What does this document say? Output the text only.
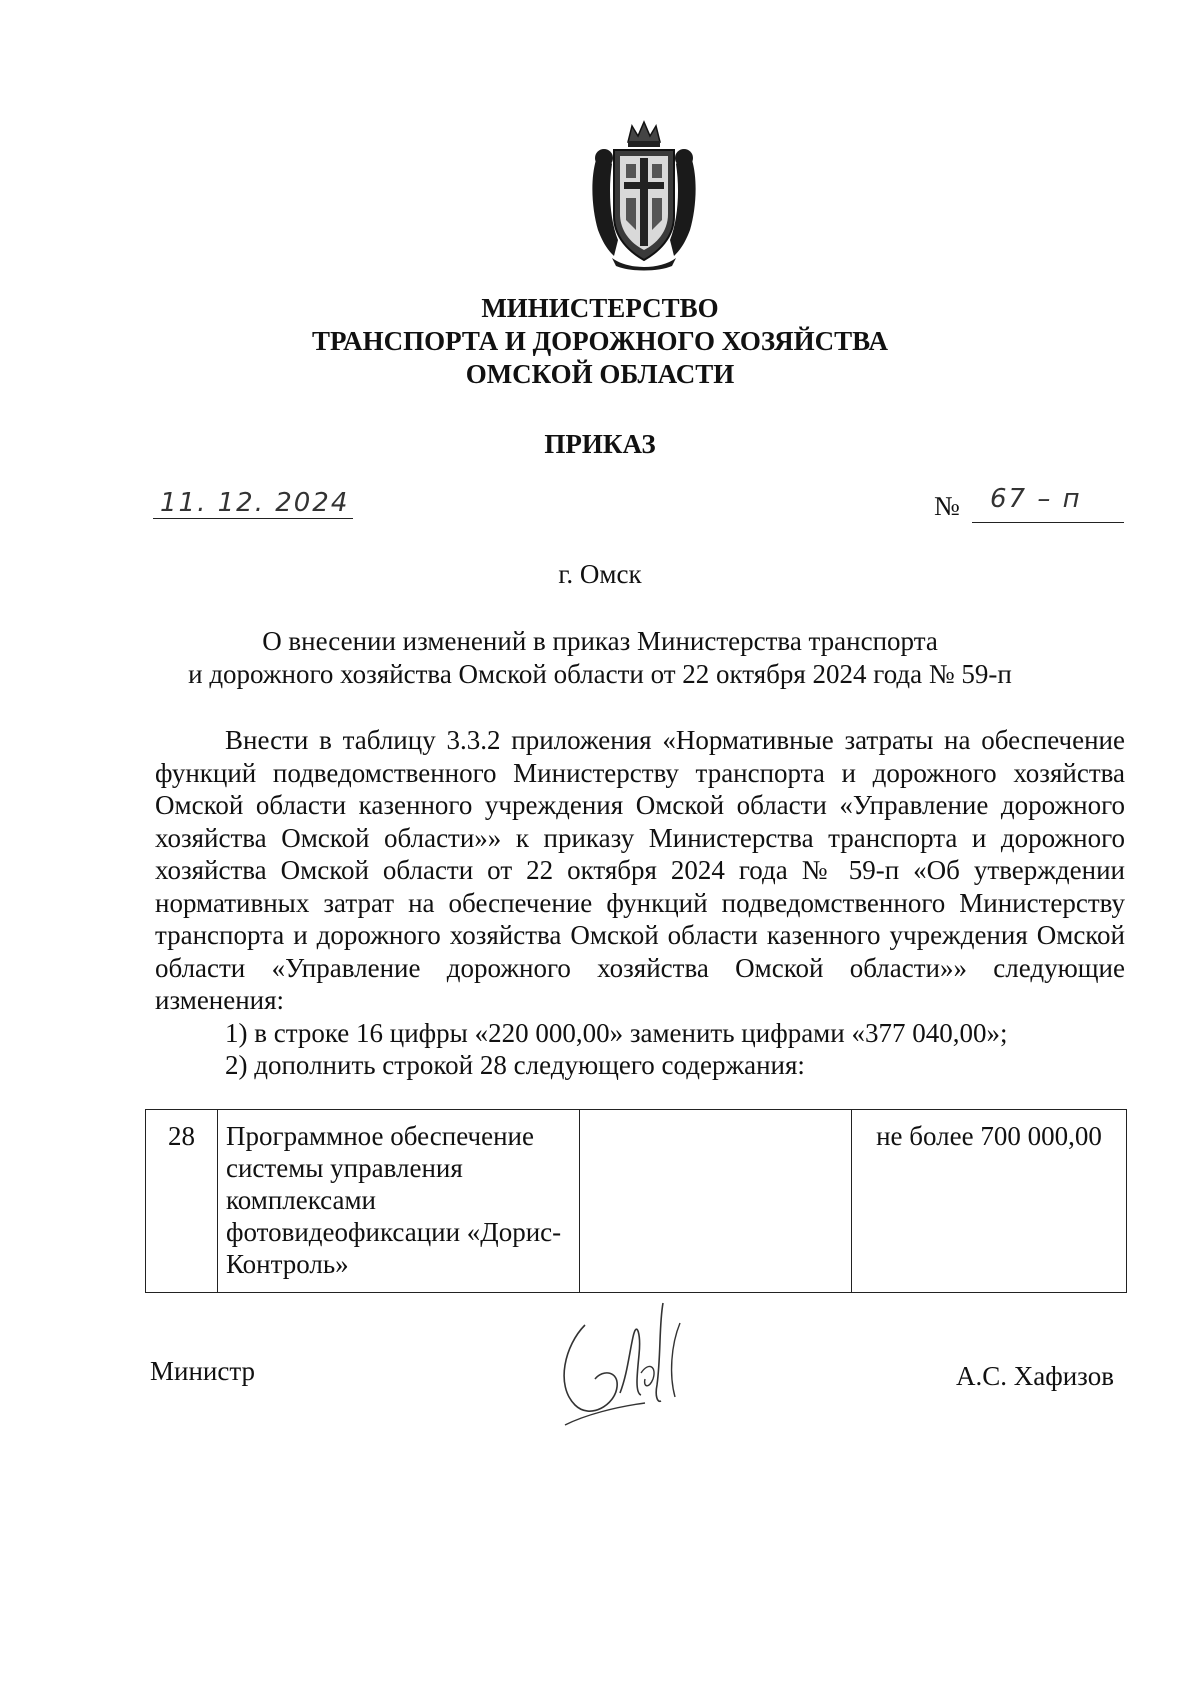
МИНИСТЕРСТВО
ТРАНСПОРТА И ДОРОЖНОГО ХОЗЯЙСТВА
ОМСКОЙ ОБЛАСТИ
ПРИКАЗ
11. 12. 2024	№ 67 – п
г. Омск
О внесении изменений в приказ Министерства транспорта
и дорожного хозяйства Омской области от 22 октября 2024 года № 59-п
Внести в таблицу 3.3.2 приложения «Нормативные затраты на обеспечение функций подведомственного Министерству транспорта и дорожного хозяйства Омской области казенного учреждения Омской области «Управление дорожного хозяйства Омской области»» к приказу Министерства транспорта и дорожного хозяйства Омской области от 22 октября 2024 года № 59-п «Об утверждении нормативных затрат на обеспечение функций подведомственного Министерству транспорта и дорожного хозяйства Омской области казенного учреждения Омской области «Управление дорожного хозяйства Омской области»» следующие изменения:
1) в строке 16 цифры «220 000,00» заменить цифрами «377 040,00»;
2) дополнить строкой 28 следующего содержания:
28	Программное обеспечение системы управления комплексами фотовидеофиксации «Дорис-Контроль»		не более 700 000,00
Министр	А.С. Хафизов
